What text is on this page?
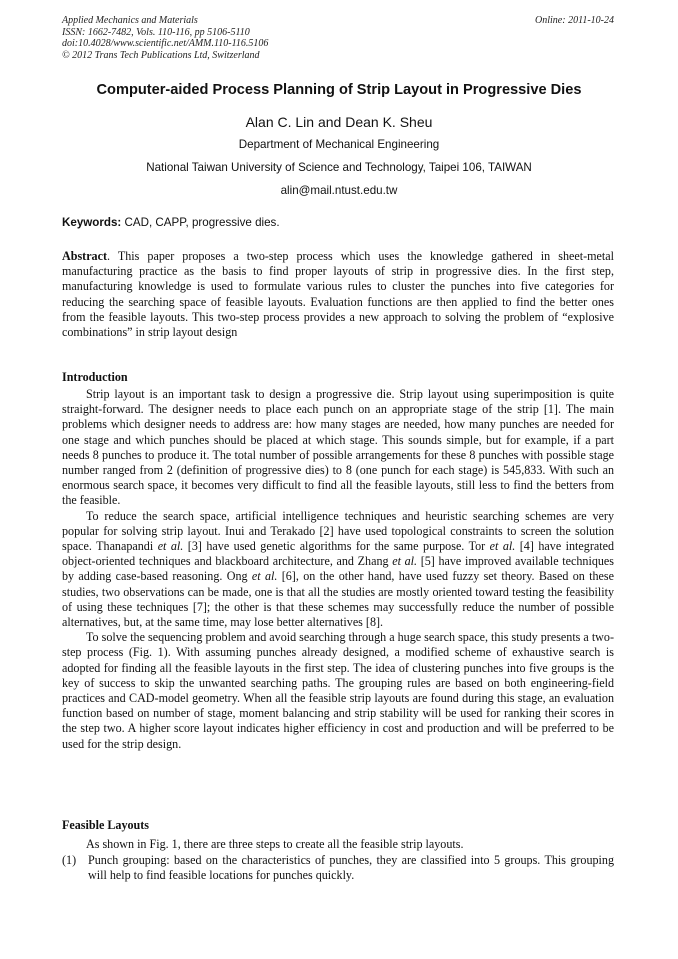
Applied Mechanics and Materials
ISSN: 1662-7482, Vols. 110-116, pp 5106-5110
doi:10.4028/www.scientific.net/AMM.110-116.5106
© 2012 Trans Tech Publications Ltd, Switzerland
Online: 2011-10-24
Computer-aided Process Planning of Strip Layout in Progressive Dies
Alan C. Lin and Dean K. Sheu
Department of Mechanical Engineering
National Taiwan University of Science and Technology, Taipei 106, TAIWAN
alin@mail.ntust.edu.tw
Keywords: CAD, CAPP, progressive dies.

Abstract. This paper proposes a two-step process which uses the knowledge gathered in sheet-metal manufacturing practice as the basis to find proper layouts of strip in progressive dies. In the first step, manufacturing knowledge is used to formulate various rules to cluster the punches into five categories for reducing the searching space of feasible layouts. Evaluation functions are then applied to find the better ones from the feasible layouts. This two-step process provides a new approach to solving the problem of “explosive combinations” in strip layout design

Introduction

Strip layout is an important task to design a progressive die. Strip layout using superimposition is quite straight-forward. The designer needs to place each punch on an appropriate stage of the strip [1]. The main problems which designer needs to address are: how many stages are needed, how many punches are needed for one stage and which punches should be placed at which stage. This sounds simple, but for example, if a part needs 8 punches to produce it. The total number of possible arrangements for these 8 punches with possible stage number ranged from 2 (definition of progressive dies) to 8 (one punch for each stage) is 545,833. With such an enormous search space, it becomes very difficult to find all the feasible layouts, still less to find the betters from the feasible.

To reduce the search space, artificial intelligence techniques and heuristic searching schemes are very popular for solving strip layout. Inui and Terakado [2] have used topological constraints to screen the solution space. Thanapandi et al. [3] have used genetic algorithms for the same purpose. Tor et al. [4] have integrated object-oriented techniques and blackboard architecture, and Zhang et al. [5] have improved available techniques by adding case-based reasoning. Ong et al. [6], on the other hand, have used fuzzy set theory. Based on these studies, two observations can be made, one is that all the studies are mostly oriented toward testing the feasibility of using these techniques [7]; the other is that these schemes may successfully reduce the number of possible alternatives, but, at the same time, may lose better alternatives [8].

To solve the sequencing problem and avoid searching through a huge search space, this study presents a two-step process (Fig. 1). With assuming punches already designed, a modified scheme of exhaustive search is adopted for finding all the feasible layouts in the first step. The idea of clustering punches into five groups is the key of success to skip the unwanted searching paths. The grouping rules are based on both engineering-field practices and CAD-model geometry. When all the feasible strip layouts are found during this stage, an evaluation function based on number of stage, moment balancing and strip stability will be used for ranking their scores in the step two. A higher score layout indicates higher efficiency in cost and production and will be preferred to be used for the strip design.

Feasible Layouts

As shown in Fig. 1, there are three steps to create all the feasible strip layouts.

(1) Punch grouping: based on the characteristics of punches, they are classified into 5 groups. This grouping will help to find feasible locations for punches quickly.
